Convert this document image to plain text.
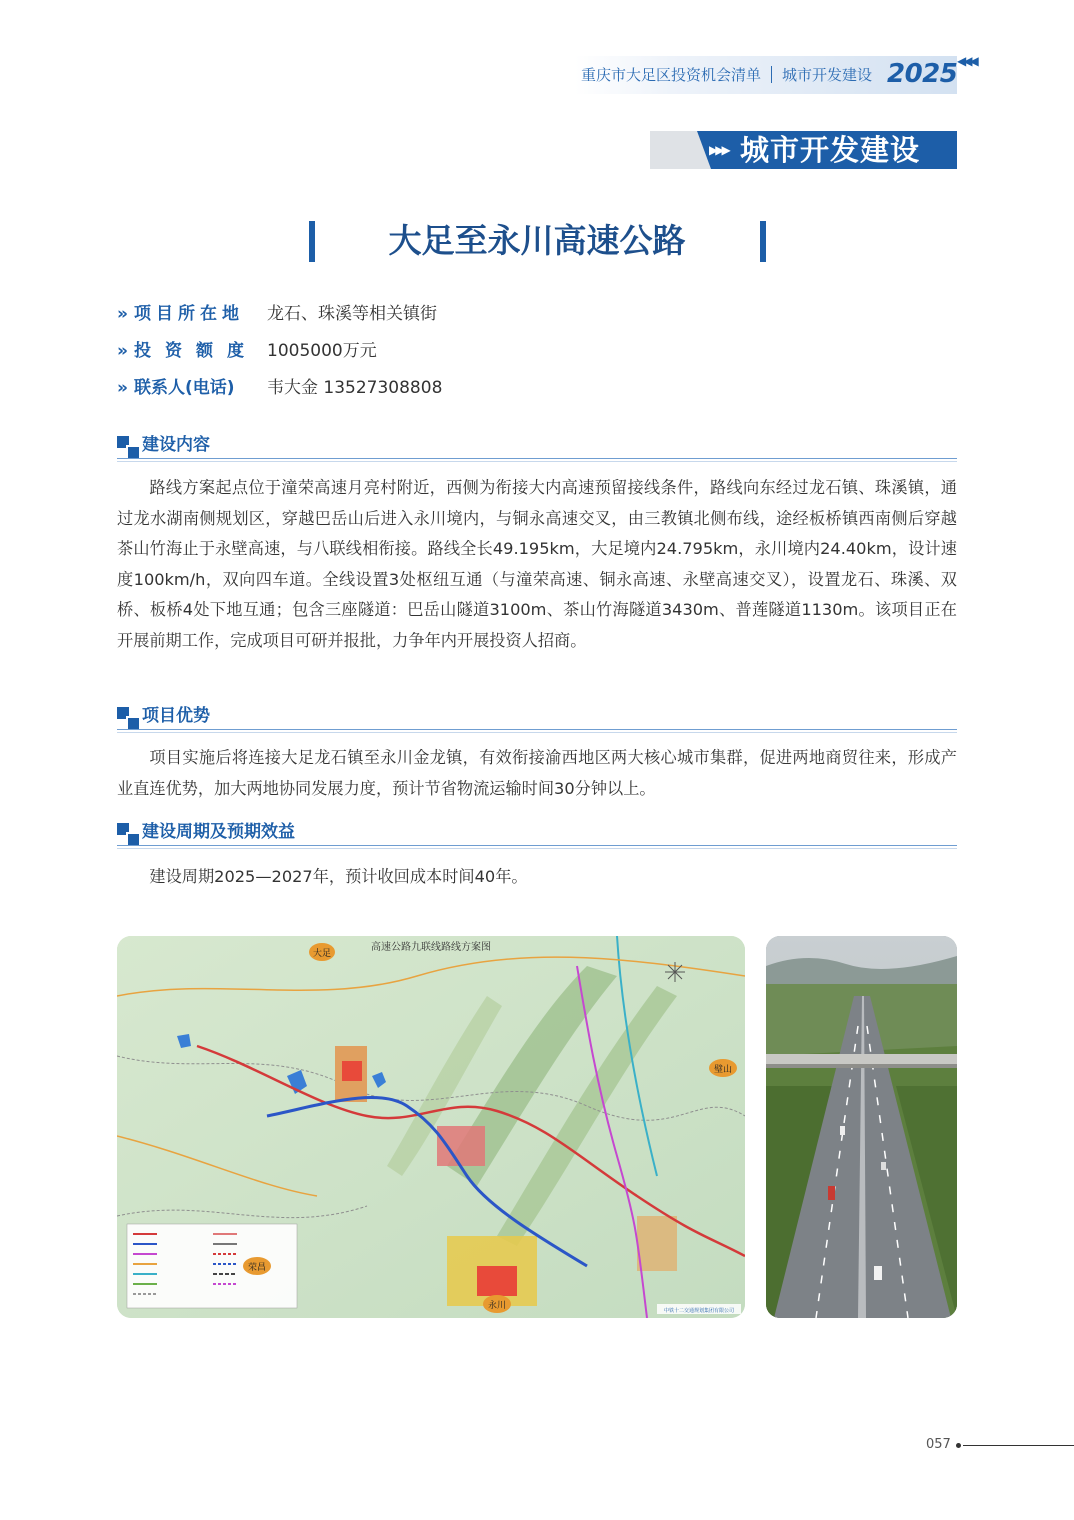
重庆市大足区投资机会清单 城市开发建设 2025 ◀◀◀
▶▶▶ 城市开发建设
大足至永川高速公路
» 项目所在地 龙石、珠溪等相关镇街
» 投资额度 1005000万元
» 联系人(电话) 韦大金 13527308808
建设内容

路线方案起点位于潼荣高速月亮村附近，西侧为衔接大内高速预留接线条件，路线向东经过龙石镇、珠溪镇，通过龙水湖南侧规划区，穿越巴岳山后进入永川境内，与铜永高速交叉，由三教镇北侧布线，途经板桥镇西南侧后穿越茶山竹海止于永壁高速，与八联线相衔接。路线全长49.195km，大足境内24.795km，永川境内24.40km，设计速度100km/h，双向四车道。全线设置3处枢纽互通（与潼荣高速、铜永高速、永壁高速交叉），设置龙石、珠溪、双桥、板桥4处下地互通；包含三座隧道：巴岳山隧道3100m、茶山竹海隧道3430m、普莲隧道1130m。该项目正在开展前期工作，完成项目可研并报批，力争年内开展投资人招商。

项目优势

项目实施后将连接大足龙石镇至永川金龙镇，有效衔接渝西地区两大核心城市集群，促进两地商贸往来，形成产业直连优势，加大两地协同发展力度，预计节省物流运输时间30分钟以上。

建设周期及预期效益

建设周期2025—2027年，预计收回成本时间40年。

高速公路九联线路线方案图
大足
璧山
荣昌
永川	中铁十二交通规划集团有限公司
057
